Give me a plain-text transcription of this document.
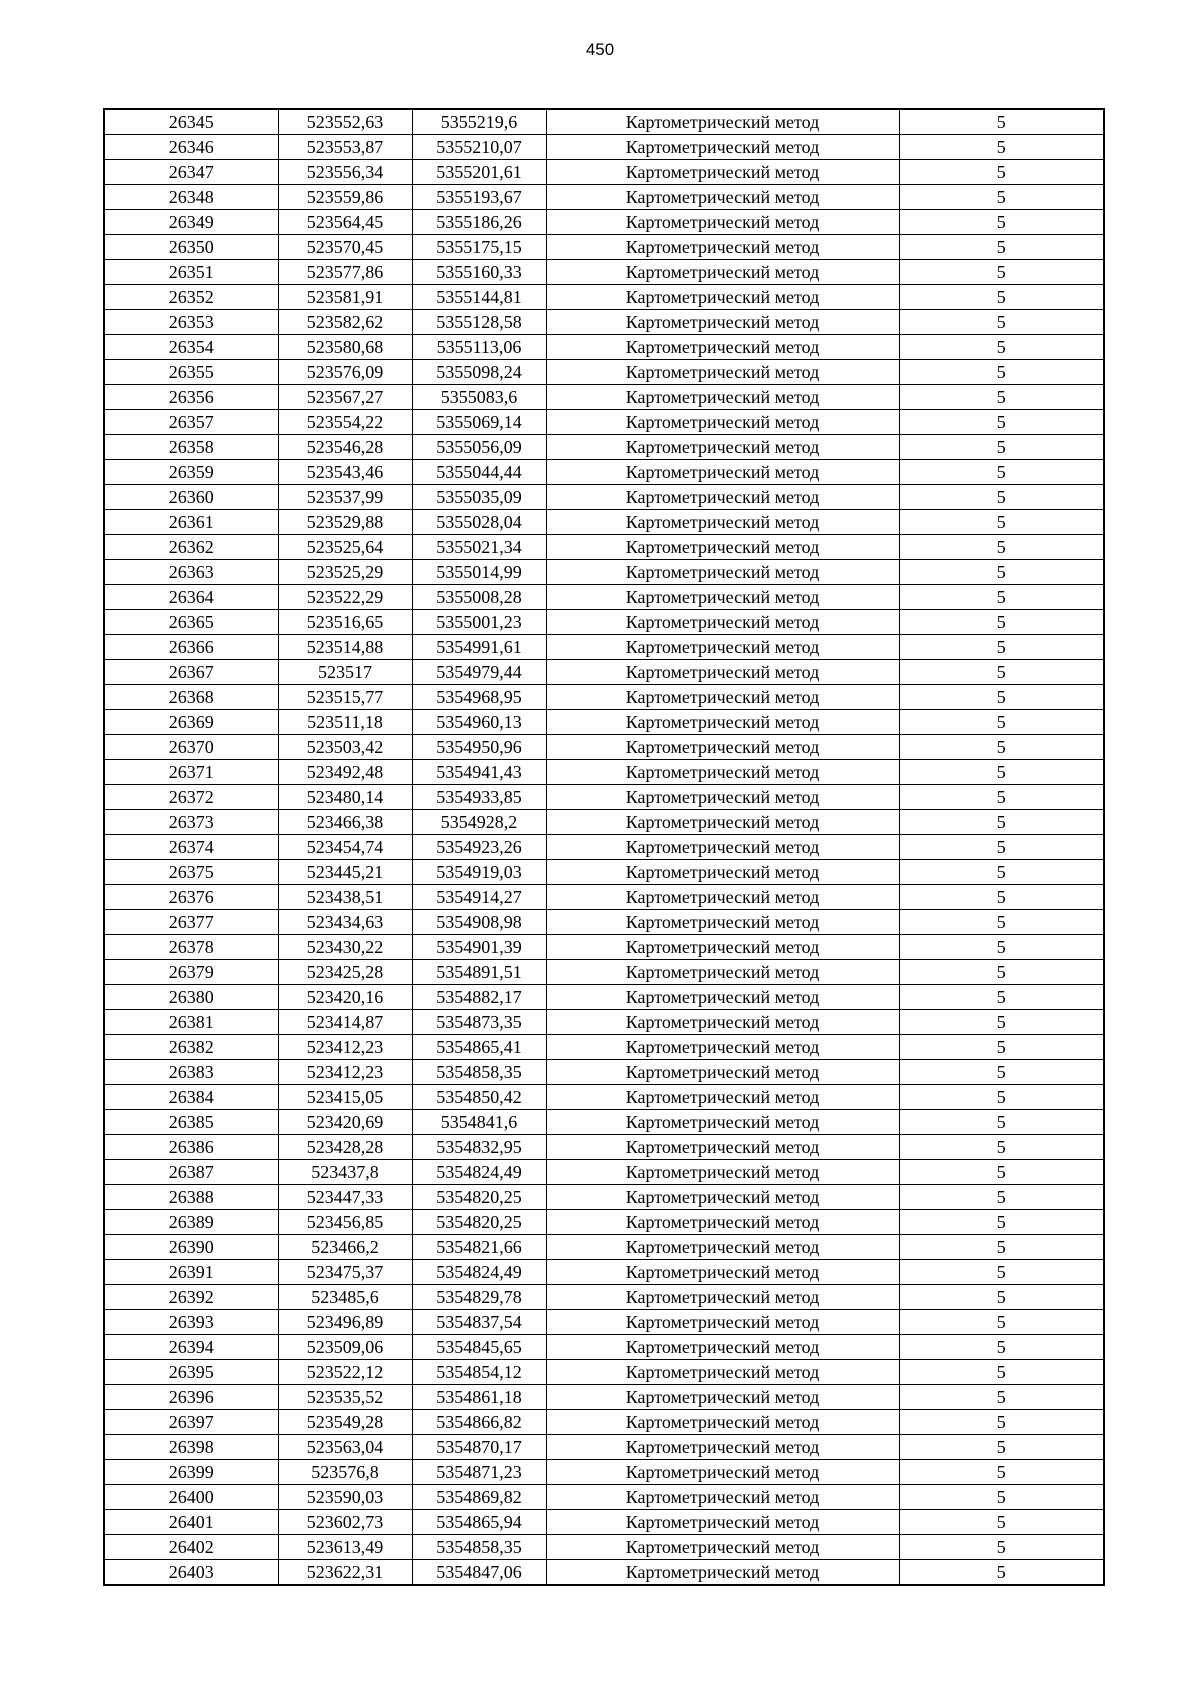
450
26345	523552,63	5355219,6	Картометрический метод	5
26346	523553,87	5355210,07	Картометрический метод	5
26347	523556,34	5355201,61	Картометрический метод	5
26348	523559,86	5355193,67	Картометрический метод	5
26349	523564,45	5355186,26	Картометрический метод	5
26350	523570,45	5355175,15	Картометрический метод	5
26351	523577,86	5355160,33	Картометрический метод	5
26352	523581,91	5355144,81	Картометрический метод	5
26353	523582,62	5355128,58	Картометрический метод	5
26354	523580,68	5355113,06	Картометрический метод	5
26355	523576,09	5355098,24	Картометрический метод	5
26356	523567,27	5355083,6	Картометрический метод	5
26357	523554,22	5355069,14	Картометрический метод	5
26358	523546,28	5355056,09	Картометрический метод	5
26359	523543,46	5355044,44	Картометрический метод	5
26360	523537,99	5355035,09	Картометрический метод	5
26361	523529,88	5355028,04	Картометрический метод	5
26362	523525,64	5355021,34	Картометрический метод	5
26363	523525,29	5355014,99	Картометрический метод	5
26364	523522,29	5355008,28	Картометрический метод	5
26365	523516,65	5355001,23	Картометрический метод	5
26366	523514,88	5354991,61	Картометрический метод	5
26367	523517	5354979,44	Картометрический метод	5
26368	523515,77	5354968,95	Картометрический метод	5
26369	523511,18	5354960,13	Картометрический метод	5
26370	523503,42	5354950,96	Картометрический метод	5
26371	523492,48	5354941,43	Картометрический метод	5
26372	523480,14	5354933,85	Картометрический метод	5
26373	523466,38	5354928,2	Картометрический метод	5
26374	523454,74	5354923,26	Картометрический метод	5
26375	523445,21	5354919,03	Картометрический метод	5
26376	523438,51	5354914,27	Картометрический метод	5
26377	523434,63	5354908,98	Картометрический метод	5
26378	523430,22	5354901,39	Картометрический метод	5
26379	523425,28	5354891,51	Картометрический метод	5
26380	523420,16	5354882,17	Картометрический метод	5
26381	523414,87	5354873,35	Картометрический метод	5
26382	523412,23	5354865,41	Картометрический метод	5
26383	523412,23	5354858,35	Картометрический метод	5
26384	523415,05	5354850,42	Картометрический метод	5
26385	523420,69	5354841,6	Картометрический метод	5
26386	523428,28	5354832,95	Картометрический метод	5
26387	523437,8	5354824,49	Картометрический метод	5
26388	523447,33	5354820,25	Картометрический метод	5
26389	523456,85	5354820,25	Картометрический метод	5
26390	523466,2	5354821,66	Картометрический метод	5
26391	523475,37	5354824,49	Картометрический метод	5
26392	523485,6	5354829,78	Картометрический метод	5
26393	523496,89	5354837,54	Картометрический метод	5
26394	523509,06	5354845,65	Картометрический метод	5
26395	523522,12	5354854,12	Картометрический метод	5
26396	523535,52	5354861,18	Картометрический метод	5
26397	523549,28	5354866,82	Картометрический метод	5
26398	523563,04	5354870,17	Картометрический метод	5
26399	523576,8	5354871,23	Картометрический метод	5
26400	523590,03	5354869,82	Картометрический метод	5
26401	523602,73	5354865,94	Картометрический метод	5
26402	523613,49	5354858,35	Картометрический метод	5
26403	523622,31	5354847,06	Картометрический метод	5
